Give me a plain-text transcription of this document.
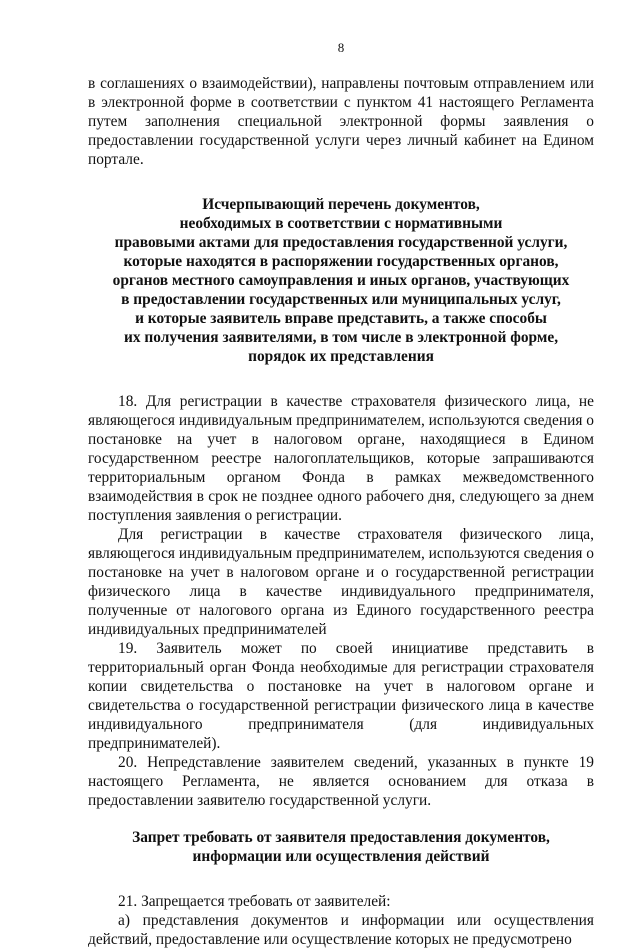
8

в соглашениях о взаимодействии), направлены почтовым отправлением или в электронной форме в соответствии с пунктом 41 настоящего Регламента путем заполнения специальной электронной формы заявления о предоставлении государственной услуги через личный кабинет на Едином портале.

Исчерпывающий перечень документов,
необходимых в соответствии с нормативными
правовыми актами для предоставления государственной услуги,
которые находятся в распоряжении государственных органов,
органов местного самоуправления и иных органов, участвующих
в предоставлении государственных или муниципальных услуг,
и которые заявитель вправе представить, а также способы
их получения заявителями, в том числе в электронной форме,
порядок их представления

18. Для регистрации в качестве страхователя физического лица, не являющегося индивидуальным предпринимателем, используются сведения о постановке на учет в налоговом органе, находящиеся в Едином государственном реестре налогоплательщиков, которые запрашиваются территориальным органом Фонда в рамках межведомственного взаимодействия в срок не позднее одного рабочего дня, следующего за днем поступления заявления о регистрации.

Для регистрации в качестве страхователя физического лица, являющегося индивидуальным предпринимателем, используются сведения о постановке на учет в налоговом органе и о государственной регистрации физического лица в качестве индивидуального предпринимателя, полученные от налогового органа из Единого государственного реестра индивидуальных предпринимателей

19. Заявитель может по своей инициативе представить в территориальный орган Фонда необходимые для регистрации страхователя копии свидетельства о постановке на учет в налоговом органе и свидетельства о государственной регистрации физического лица в качестве индивидуального предпринимателя (для индивидуальных предпринимателей).

20. Непредставление заявителем сведений, указанных в пункте 19 настоящего Регламента, не является основанием для отказа в предоставлении заявителю государственной услуги.

Запрет требовать от заявителя предоставления документов,
информации или осуществления действий

21. Запрещается требовать от заявителей:

а) представления документов и информации или осуществления действий, предоставление или осуществление которых не предусмотрено
